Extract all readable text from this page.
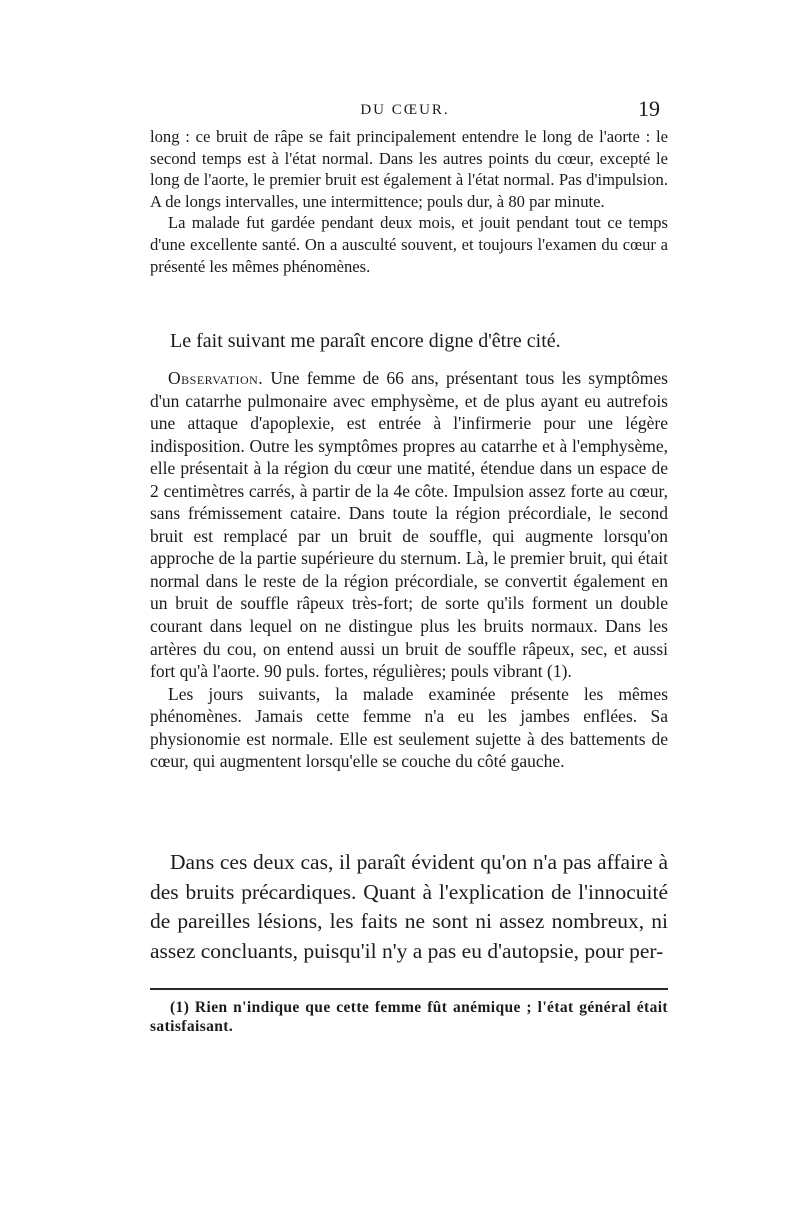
DU CŒUR.	19

long : ce bruit de râpe se fait principalement entendre le long de l'aorte : le second temps est à l'état normal. Dans les autres points du cœur, excepté le long de l'aorte, le premier bruit est également à l'état normal. Pas d'impulsion. A de longs intervalles, une intermittence; pouls dur, à 80 par minute.

La malade fut gardée pendant deux mois, et jouit pendant tout ce temps d'une excellente santé. On a ausculté souvent, et toujours l'examen du cœur a présenté les mêmes phénomènes.

Le fait suivant me paraît encore digne d'être cité.

Observation. Une femme de 66 ans, présentant tous les symptômes d'un catarrhe pulmonaire avec emphysème, et de plus ayant eu autrefois une attaque d'apoplexie, est entrée à l'infirmerie pour une légère indisposition. Outre les symptômes propres au catarrhe et à l'emphysème, elle présentait à la région du cœur une matité, étendue dans un espace de 2 centimètres carrés, à partir de la 4e côte. Impulsion assez forte au cœur, sans frémissement cataire. Dans toute la région précordiale, le second bruit est remplacé par un bruit de souffle, qui augmente lorsqu'on approche de la partie supérieure du sternum. Là, le premier bruit, qui était normal dans le reste de la région précordiale, se convertit également en un bruit de souffle râpeux très-fort; de sorte qu'ils forment un double courant dans lequel on ne distingue plus les bruits normaux. Dans les artères du cou, on entend aussi un bruit de souffle râpeux, sec, et aussi fort qu'à l'aorte. 90 puls. fortes, régulières; pouls vibrant (1).

Les jours suivants, la malade examinée présente les mêmes phénomènes. Jamais cette femme n'a eu les jambes enflées. Sa physionomie est normale. Elle est seulement sujette à des battements de cœur, qui augmentent lorsqu'elle se couche du côté gauche.

Dans ces deux cas, il paraît évident qu'on n'a pas affaire à des bruits précardiques. Quant à l'explication de l'innocuité de pareilles lésions, les faits ne sont ni assez nombreux, ni assez concluants, puisqu'il n'y a pas eu d'autopsie, pour per-

(1) Rien n'indique que cette femme fût anémique ; l'état général était satisfaisant.
